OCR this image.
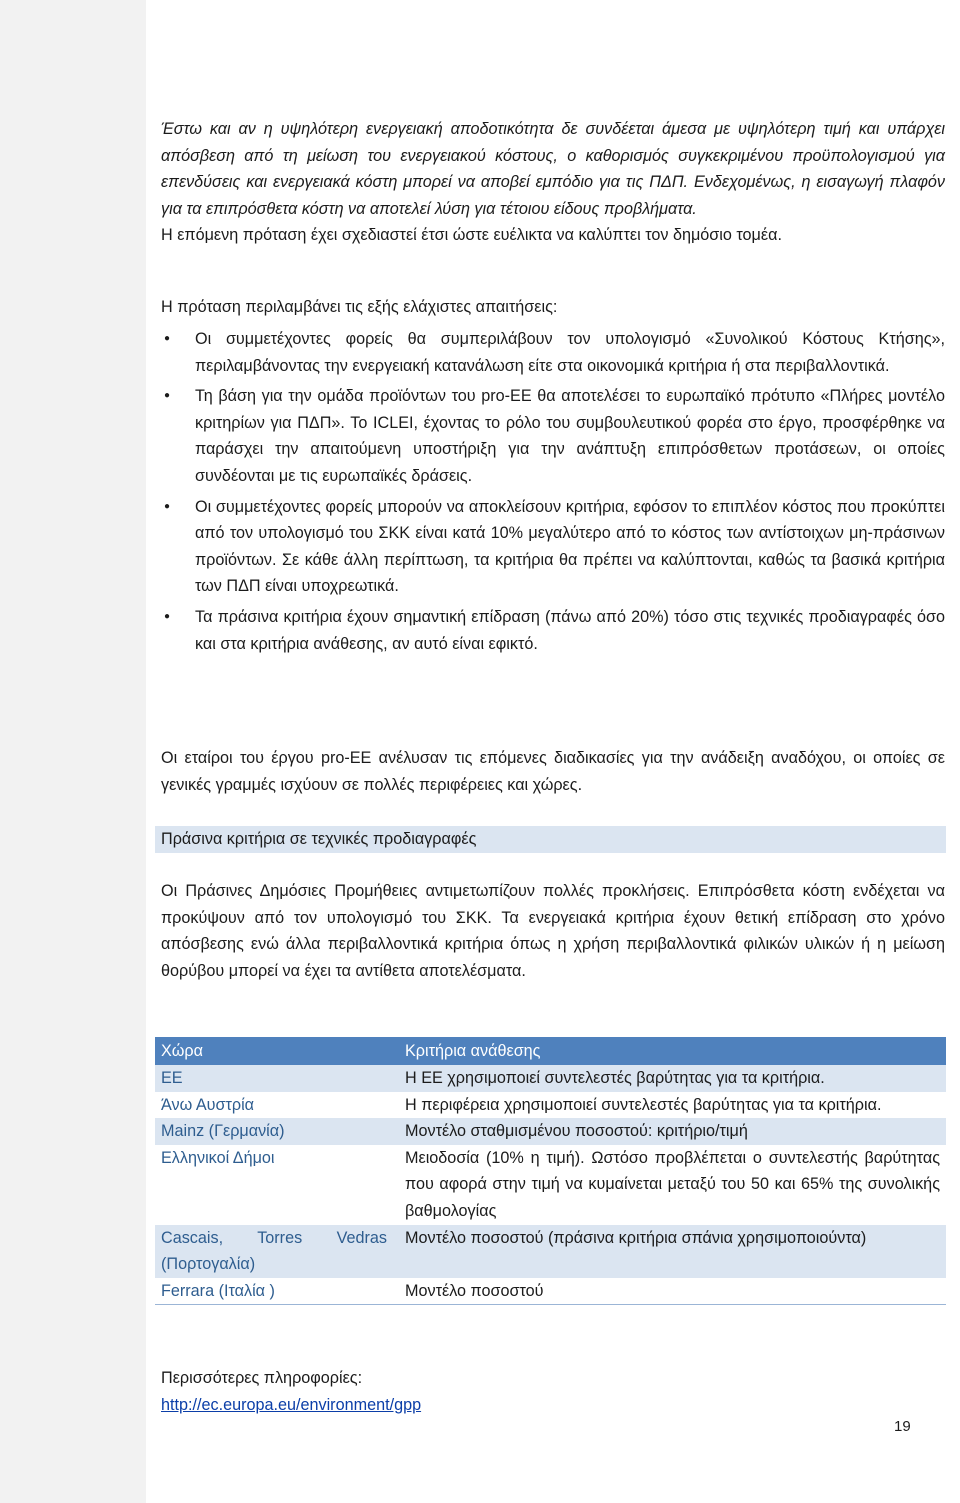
Έστω και αν η υψηλότερη ενεργειακή αποδοτικότητα δε συνδέεται άμεσα με υψηλότερη τιμή και υπάρχει απόσβεση από τη μείωση του ενεργειακού κόστους, ο καθορισμός συγκεκριμένου προϋπολογισμού για επενδύσεις και ενεργειακά κόστη μπορεί να αποβεί εμπόδιο για τις ΠΔΠ. Ενδεχομένως, η εισαγωγή πλαφόν για τα επιπρόσθετα κόστη να αποτελεί λύση για τέτοιου είδους προβλήματα.

Η επόμενη πρόταση έχει σχεδιαστεί έτσι ώστε ευέλικτα να καλύπτει τον δημόσιο τομέα.

Η πρόταση περιλαμβάνει τις εξής ελάχιστες απαιτήσεις:

● Οι συμμετέχοντες φορείς θα συμπεριλάβουν τον υπολογισμό «Συνολικού Κόστους Κτήσης», περιλαμβάνοντας την ενεργειακή κατανάλωση είτε στα οικονομικά κριτήρια ή στα περιβαλλοντικά.
● Τη βάση για την ομάδα προϊόντων του pro-EE θα αποτελέσει το ευρωπαϊκό πρότυπο «Πλήρες μοντέλο κριτηρίων για ΠΔΠ». Το ICLEI, έχοντας το ρόλο του συμβουλευτικού φορέα στο έργο, προσφέρθηκε να παράσχει την απαιτούμενη υποστήριξη για την ανάπτυξη επιπρόσθετων προτάσεων, οι οποίες συνδέονται με τις ευρωπαϊκές δράσεις.
● Οι συμμετέχοντες φορείς μπορούν να αποκλείσουν κριτήρια, εφόσον το επιπλέον κόστος που προκύπτει από τον υπολογισμό του ΣΚΚ είναι κατά 10% μεγαλύτερο από το κόστος των αντίστοιχων μη-πράσινων προϊόντων. Σε κάθε άλλη περίπτωση, τα κριτήρια θα πρέπει να καλύπτονται, καθώς τα βασικά κριτήρια των ΠΔΠ είναι υποχρεωτικά.
● Τα πράσινα κριτήρια έχουν σημαντική επίδραση (πάνω από 20%) τόσο στις τεχνικές προδιαγραφές όσο και στα κριτήρια ανάθεσης, αν αυτό είναι εφικτό.

Οι εταίροι του έργου pro-EE ανέλυσαν τις επόμενες διαδικασίες για την ανάδειξη αναδόχου, οι οποίες σε γενικές γραμμές ισχύουν σε πολλές περιφέρειες και χώρες.

Πράσινα κριτήρια σε τεχνικές προδιαγραφές

Οι Πράσινες Δημόσιες Προμήθειες αντιμετωπίζουν πολλές προκλήσεις. Επιπρόσθετα κόστη ενδέχεται να προκύψουν από τον υπολογισμό του ΣΚΚ. Τα ενεργειακά κριτήρια έχουν θετική επίδραση στο χρόνο απόσβεσης ενώ άλλα περιβαλλοντικά κριτήρια όπως η χρήση περιβαλλοντικά φιλικών υλικών ή η μείωση θορύβου μπορεί να έχει τα αντίθετα αποτελέσματα.

Χώρα	Κριτήρια ανάθεσης
ΕΕ	Η ΕΕ χρησιμοποιεί συντελεστές βαρύτητας για τα κριτήρια.
Άνω Αυστρία	Η περιφέρεια χρησιμοποιεί συντελεστές βαρύτητας για τα κριτήρια.
Mainz (Γερμανία)	Μοντέλο σταθμισμένου ποσοστού: κριτήριο/τιμή
Ελληνικοί Δήμοι	Μειοδοσία (10% η τιμή). Ωστόσο προβλέπεται ο συντελεστής βαρύτητας που αφορά στην τιμή να κυμαίνεται μεταξύ του 50 και 65% της συνολικής βαθμολογίας
Cascais, Torres Vedras (Πορτογαλία)	Μοντέλο ποσοστού (πράσινα κριτήρια σπάνια χρησιμοποιούντα)
Ferrara (Ιταλία )	Μοντέλο ποσοστού
Περισσότερες πληροφορίες:
http://ec.europa.eu/environment/gpp
19
